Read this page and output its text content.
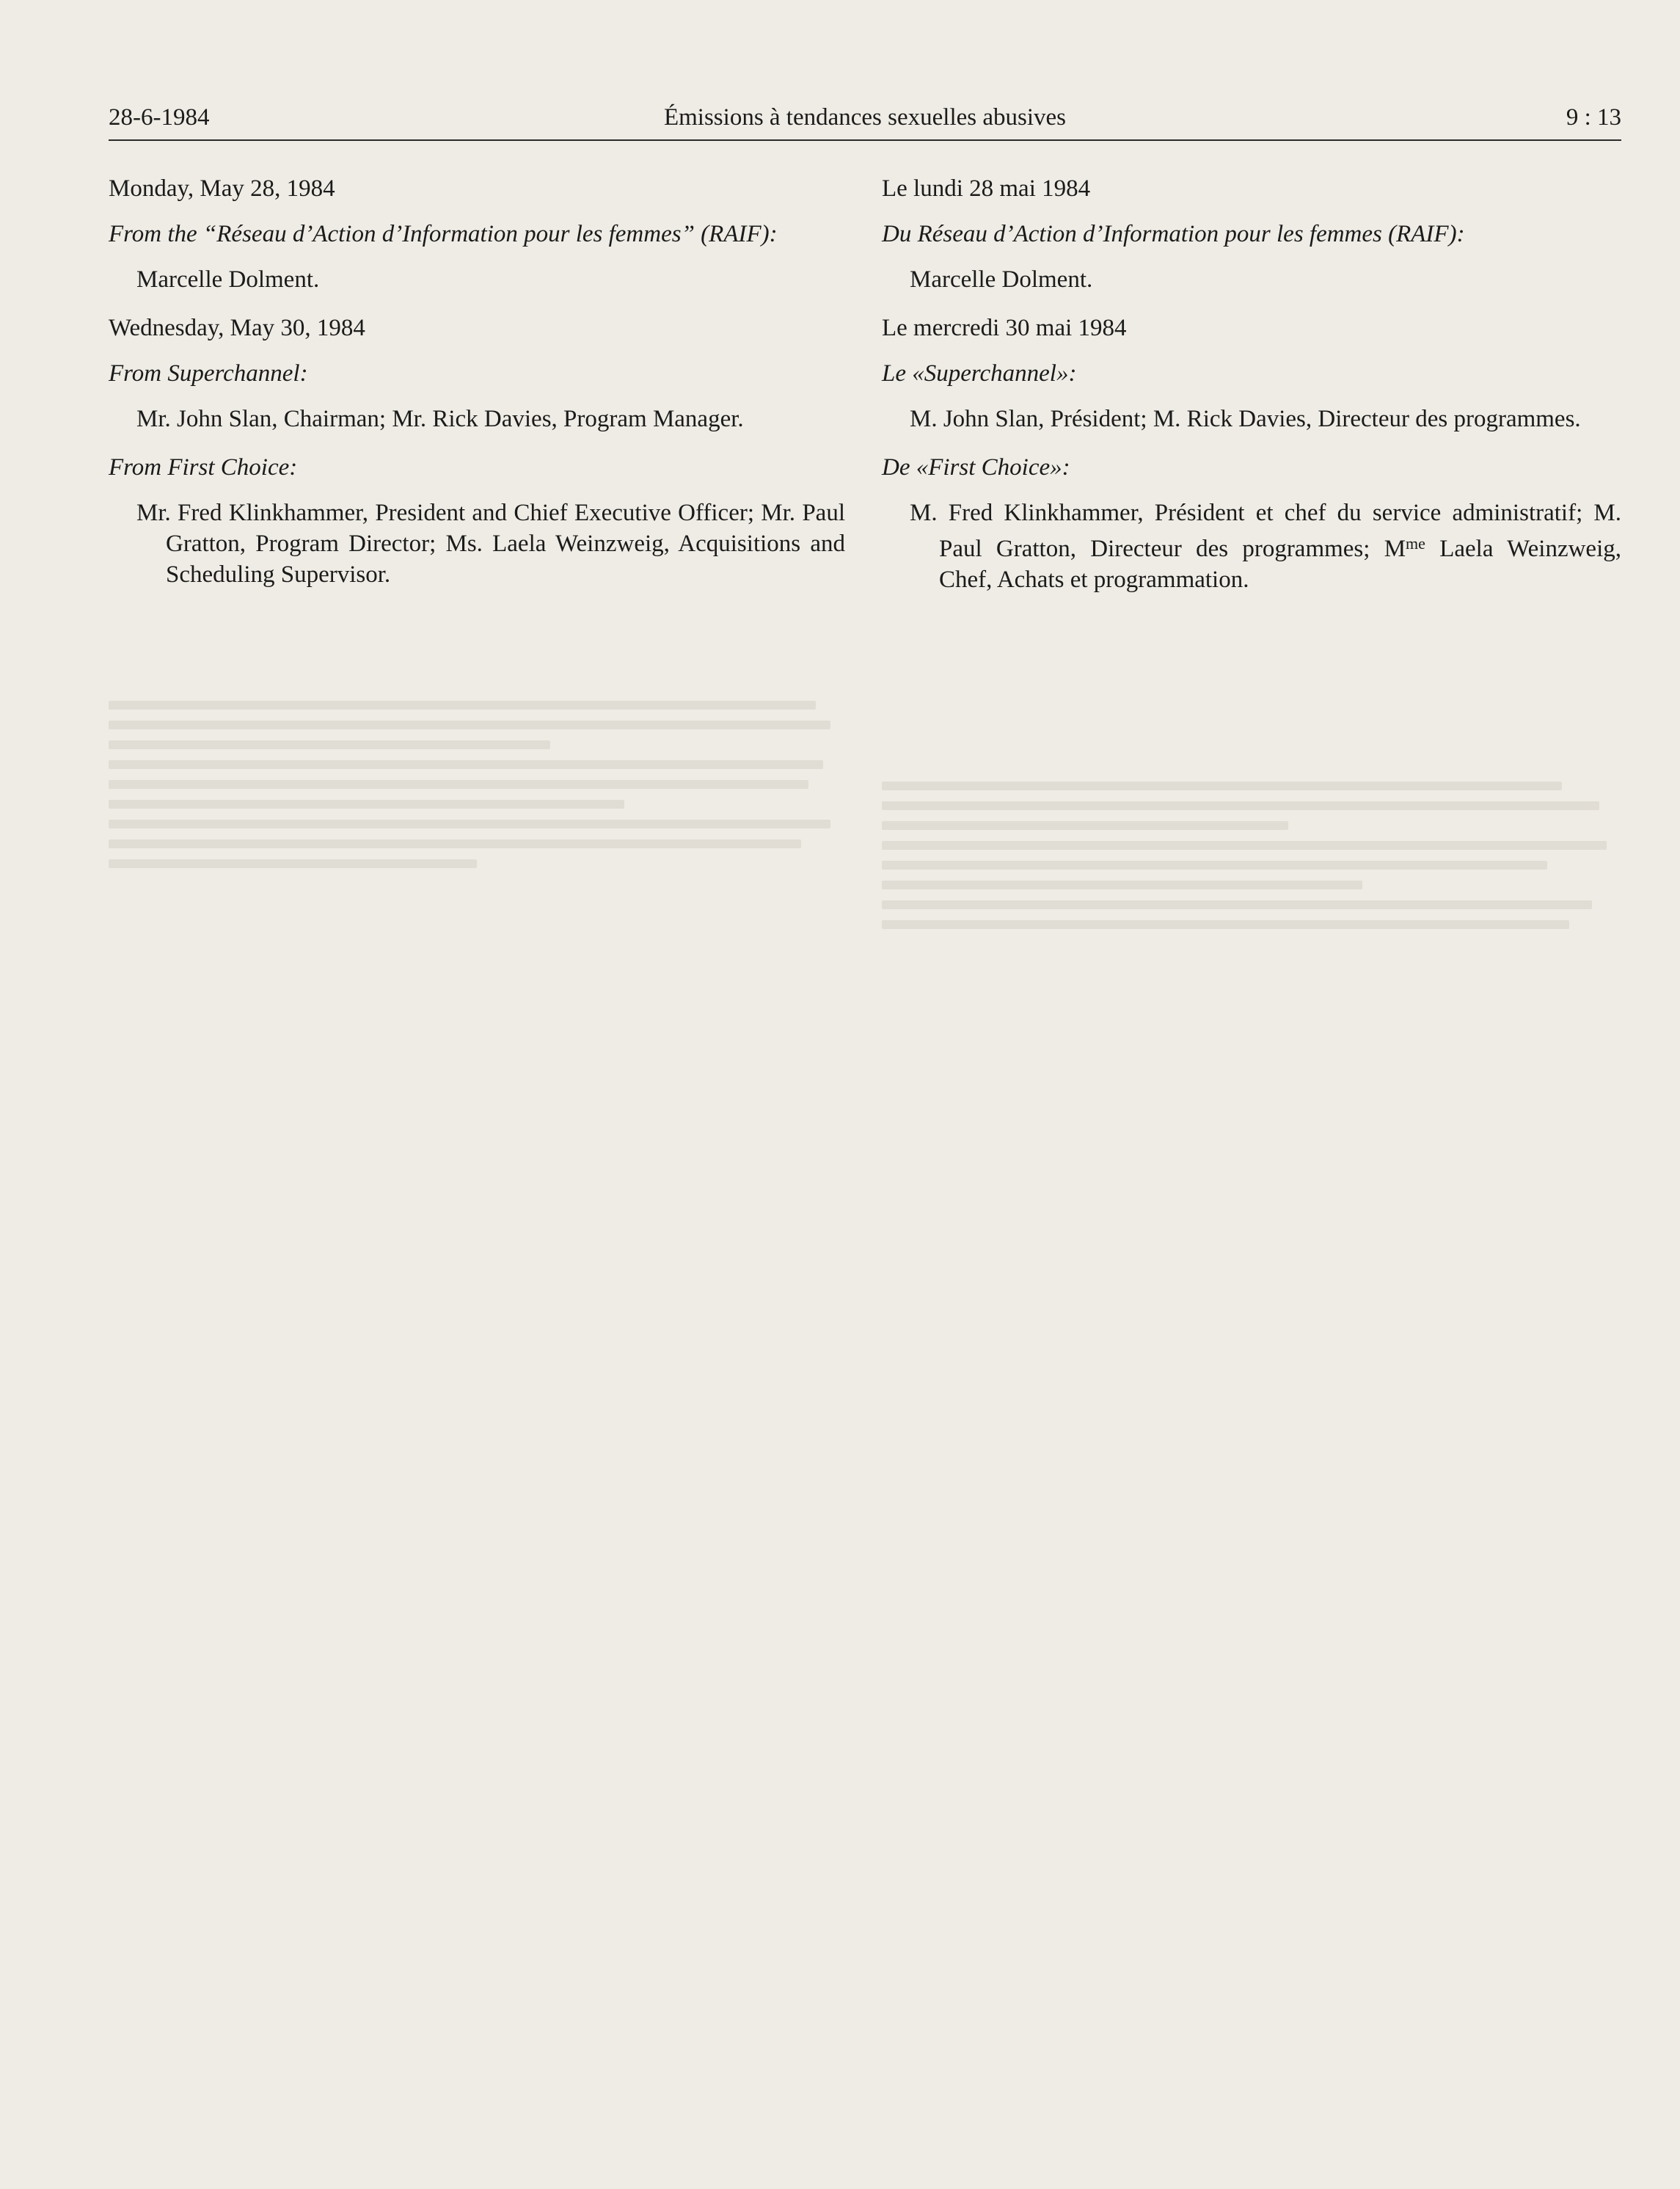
28-6-1984	Émissions à tendances sexuelles abusives	9 : 13

Monday, May 28, 1984

From the “Réseau d’Action d’Information pour les femmes” (RAIF):

Marcelle Dolment.

Wednesday, May 30, 1984

From Superchannel:

Mr. John Slan, Chairman; Mr. Rick Davies, Program Manager.

From First Choice:

Mr. Fred Klinkhammer, President and Chief Executive Officer; Mr. Paul Gratton, Program Director; Ms. Laela Weinzweig, Acquisitions and Scheduling Supervisor.

Le lundi 28 mai 1984

Du Réseau d’Action d’Information pour les femmes (RAIF):

Marcelle Dolment.

Le mercredi 30 mai 1984

Le «Superchannel»:

M. John Slan, Président; M. Rick Davies, Directeur des programmes.

De «First Choice»:

M. Fred Klinkhammer, Président et chef du service administratif; M. Paul Gratton, Directeur des programmes; $M^{me}$ Laela Weinzweig, Chef, Achats et programmation.
